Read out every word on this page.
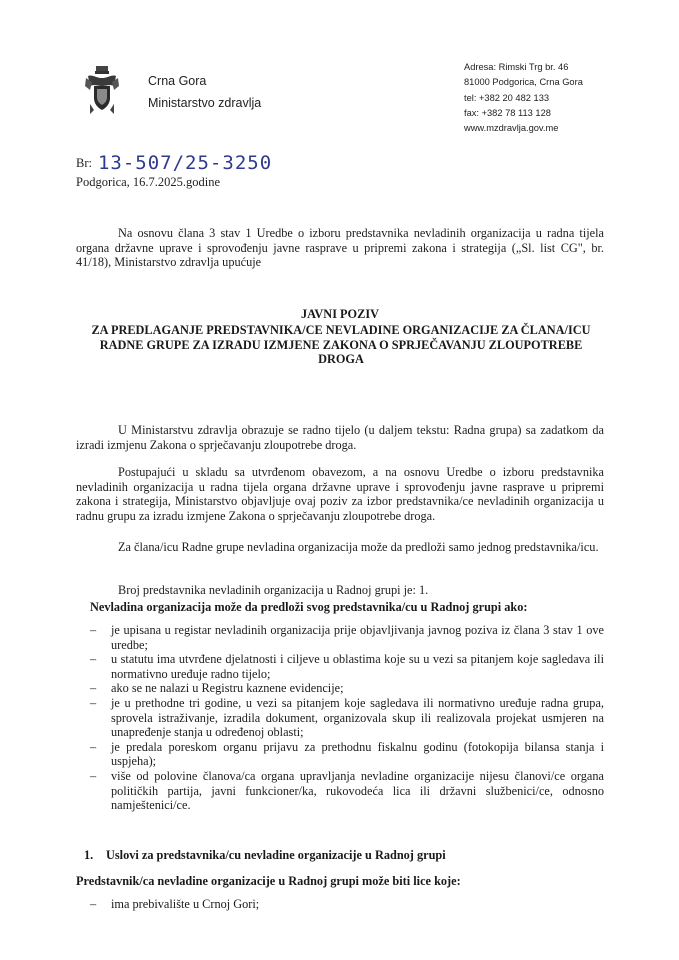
Crna Gora
Ministarstvo zdravlja
Adresa: Rimski Trg br. 46
81000 Podgorica, Crna Gora
tel: +382 20 482 133
fax: +382 78 113 128
www.mzdravlja.gov.me
Br: 13-507/25-3250
Podgorica, 16.7.2025.godine
Na osnovu člana 3 stav 1 Uredbe o izboru predstavnika nevladinih organizacija u radna tijela organa državne uprave i sprovođenju javne rasprave u pripremi zakona i strategija („Sl. list CG", br. 41/18), Ministarstvo zdravlja upućuje
JAVNI POZIV
ZA PREDLAGANJE PREDSTAVNIKA/CE NEVLADINE ORGANIZACIJE ZA ČLANA/ICU RADNE GRUPE ZA IZRADU IZMJENE ZAKONA O SPRJEČAVANJU ZLOUPOTREBE DROGA
U Ministarstvu zdravlja obrazuje se radno tijelo (u daljem tekstu: Radna grupa) sa zadatkom da izradi izmjenu Zakona o sprječavanju zloupotrebe droga.
Postupajući u skladu sa utvrđenom obavezom, a na osnovu Uredbe o izboru predstavnika nevladinih organizacija u radna tijela organa državne uprave i sprovođenju javne rasprave u pripremi zakona i strategija, Ministarstvo objavljuje ovaj poziv za izbor predstavnika/ce nevladinih organizacija u radnu grupu za izradu izmjene Zakona o sprječavanju zloupotrebe droga.
Za člana/icu Radne grupe nevladina organizacija može da predloži samo jednog predstavnika/icu.
Broj predstavnika nevladinih organizacija u Radnoj grupi je: 1.
Nevladina organizacija može da predloži svog predstavnika/cu u Radnoj grupi ako:
– je upisana u registar nevladinih organizacija prije objavljivanja javnog poziva iz člana 3 stav 1 ove uredbe;
– u statutu ima utvrđene djelatnosti i ciljeve u oblastima koje su u vezi sa pitanjem koje sagledava ili normativno uređuje radno tijelo;
– ako se ne nalazi u Registru kaznene evidencije;
– je u prethodne tri godine, u vezi sa pitanjem koje sagledava ili normativno uređuje radna grupa, sprovela istraživanje, izradila dokument, organizovala skup ili realizovala projekat usmjeren na unapređenje stanja u određenoj oblasti;
– je predala poreskom organu prijavu za prethodnu fiskalnu godinu (fotokopija bilansa stanja i uspjeha);
– više od polovine članova/ca organa upravljanja nevladine organizacije nijesu članovi/ce organa političkih partija, javni funkcioner/ka, rukovodeća lica ili državni službenici/ce, odnosno namještenici/ce.
1. Uslovi za predstavnika/cu nevladine organizacije u Radnoj grupi
Predstavnik/ca nevladine organizacije u Radnoj grupi može biti lice koje:
– ima prebivalište u Crnoj Gori;
